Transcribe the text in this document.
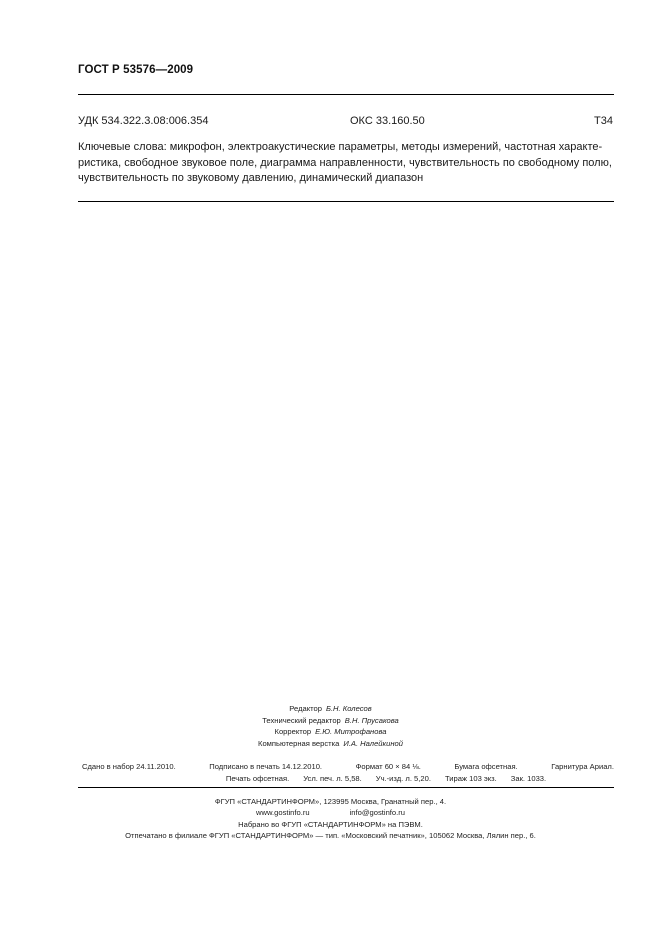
ГОСТ Р 53576—2009
УДК 534.322.3.08:006.354	ОКС 33.160.50	Т34

Ключевые слова: микрофон, электроакустические параметры, методы измерений, частотная характе-

ристика, свободное звуковое поле, диаграмма направленности, чувствительность по свободному полю,

чувствительность по звуковому давлению, динамический диапазон

Редактор Б.Н. Колесов
Технический редактор В.Н. Прусакова
Корректор Е.Ю. Митрофанова
Компьютерная верстка И.А. Налейкиной
Сдано в набор 24.11.2010.	Подписано в печать 14.12.2010.	Формат 60 × 84 ⅛.	Бумага офсетная.	Гарнитура Ариал.
Печать офсетная. Усл. печ. л. 5,58. Уч.-изд. л. 5,20. Тираж 103 экз. Зак. 1033.
ФГУП «СТАНДАРТИНФОРМ», 123995 Москва, Гранатный пер., 4.
www.gostinfo.ru	info@gostinfo.ru
Набрано во ФГУП «СТАНДАРТИНФОРМ» на ПЭВМ.
Отпечатано в филиале ФГУП «СТАНДАРТИНФОРМ» — тип. «Московский печатник», 105062 Москва, Лялин пер., 6.
